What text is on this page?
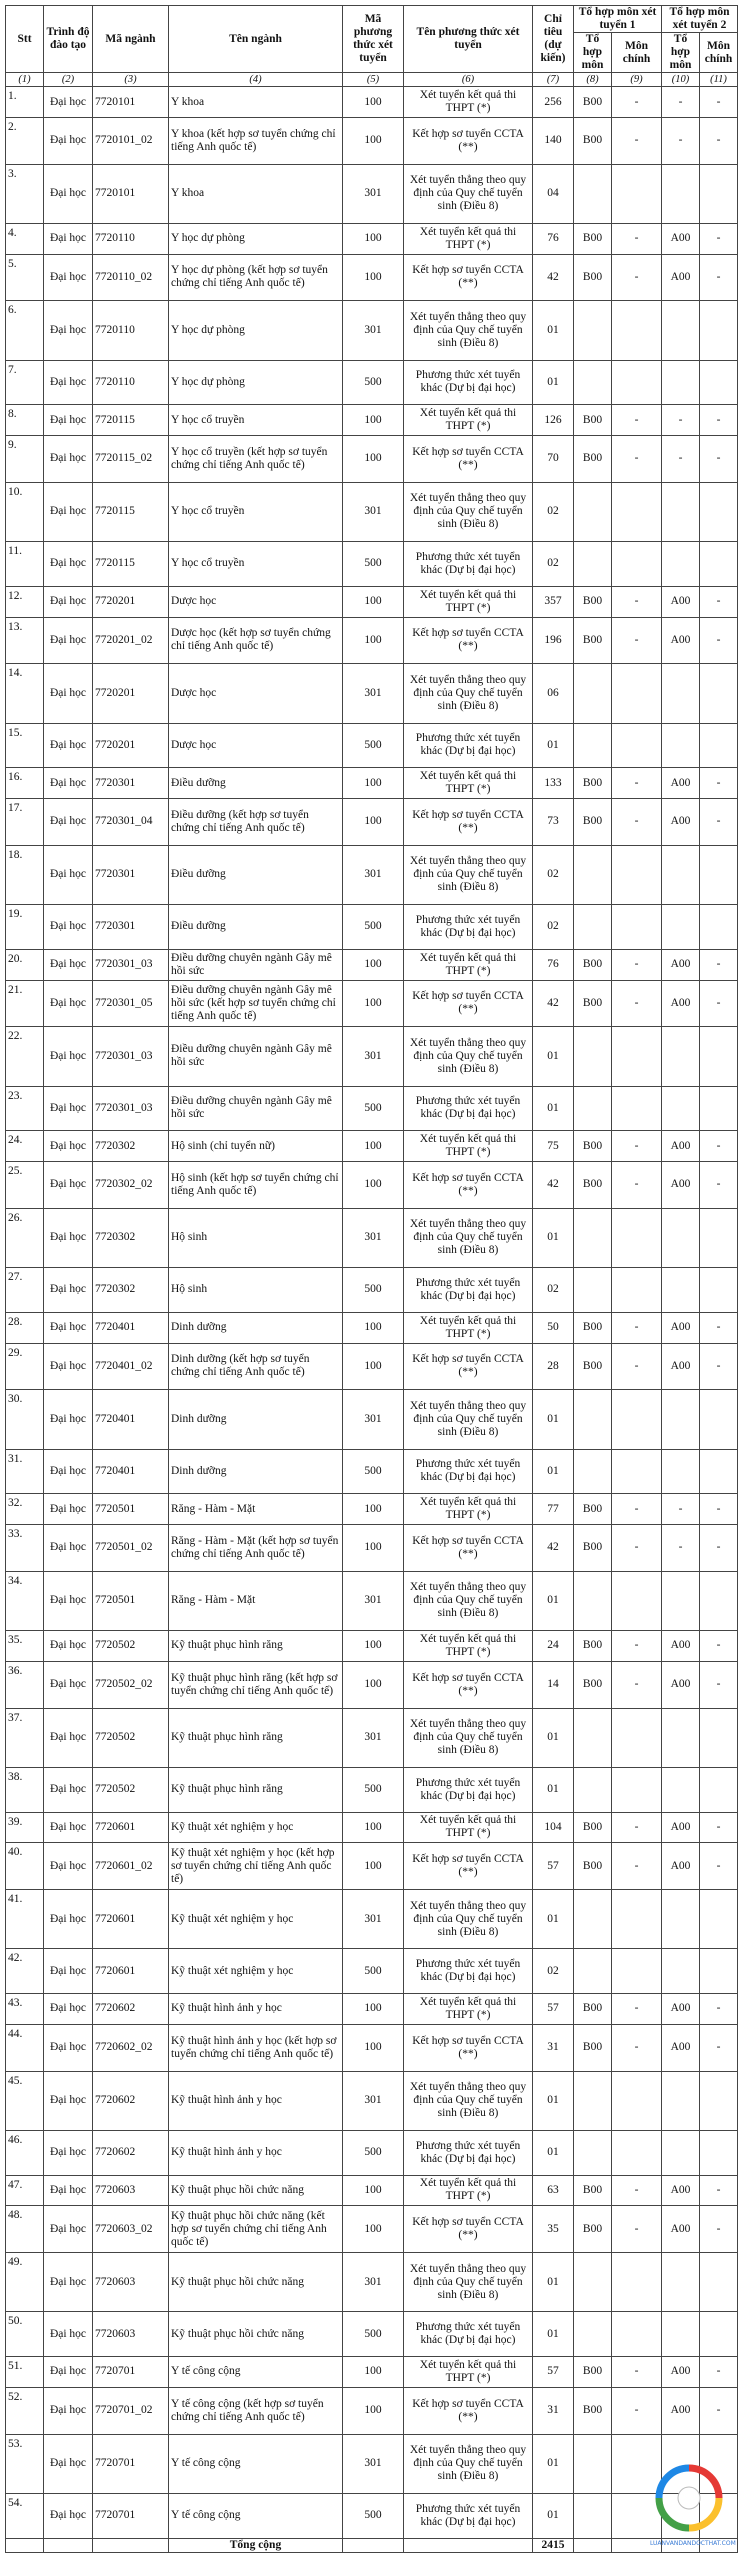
Stt	Trình độ đào tạo	Mã ngành	Tên ngành	Mã phương thức xét tuyển	Tên phương thức xét tuyển	Chỉ tiêu (dự kiến)	Tổ hợp môn xét tuyển 1		Tổ hợp môn xét tuyển 2	
							Tổ hợp môn	Môn chính	Tổ hợp môn	Môn chính
(1)	(2)	(3)	(4)	(5)	(6)	(7)	(8)	(9)	(10)	(11)
1.	Đại học	7720101	Y khoa	100	Xét tuyển kết quả thi THPT (*)	256	B00	-	-	-
2.	Đại học	7720101_02	Y khoa (kết hợp sơ tuyển chứng chỉ tiếng Anh quốc tế)	100	Kết hợp sơ tuyển CCTA (**)	140	B00	-	-	-
3.	Đại học	7720101	Y khoa	301	Xét tuyển thẳng theo quy định của Quy chế tuyển sinh (Điều 8)	04				
4.	Đại học	7720110	Y học dự phòng	100	Xét tuyển kết quả thi THPT (*)	76	B00	-	A00	-
5.	Đại học	7720110_02	Y học dự phòng (kết hợp sơ tuyển chứng chỉ tiếng Anh quốc tế)	100	Kết hợp sơ tuyển CCTA (**)	42	B00	-	A00	-
6.	Đại học	7720110	Y học dự phòng	301	Xét tuyển thẳng theo quy định của Quy chế tuyển sinh (Điều 8)	01				
7.	Đại học	7720110	Y học dự phòng	500	Phương thức xét tuyển khác (Dự bị đại học)	01				
8.	Đại học	7720115	Y học cổ truyền	100	Xét tuyển kết quả thi THPT (*)	126	B00	-	-	-
9.	Đại học	7720115_02	Y học cổ truyền (kết hợp sơ tuyển chứng chỉ tiếng Anh quốc tế)	100	Kết hợp sơ tuyển CCTA (**)	70	B00	-	-	-
10.	Đại học	7720115	Y học cổ truyền	301	Xét tuyển thẳng theo quy định của Quy chế tuyển sinh (Điều 8)	02				
11.	Đại học	7720115	Y học cổ truyền	500	Phương thức xét tuyển khác (Dự bị đại học)	02				
12.	Đại học	7720201	Dược học	100	Xét tuyển kết quả thi THPT (*)	357	B00	-	A00	-
13.	Đại học	7720201_02	Dược học (kết hợp sơ tuyển chứng chỉ tiếng Anh quốc tế)	100	Kết hợp sơ tuyển CCTA (**)	196	B00	-	A00	-
14.	Đại học	7720201	Dược học	301	Xét tuyển thẳng theo quy định của Quy chế tuyển sinh (Điều 8)	06				
15.	Đại học	7720201	Dược học	500	Phương thức xét tuyển khác (Dự bị đại học)	01				
16.	Đại học	7720301	Điều dưỡng	100	Xét tuyển kết quả thi THPT (*)	133	B00	-	A00	-
17.	Đại học	7720301_04	Điều dưỡng (kết hợp sơ tuyển chứng chỉ tiếng Anh quốc tế)	100	Kết hợp sơ tuyển CCTA (**)	73	B00	-	A00	-
18.	Đại học	7720301	Điều dưỡng	301	Xét tuyển thẳng theo quy định của Quy chế tuyển sinh (Điều 8)	02				
19.	Đại học	7720301	Điều dưỡng	500	Phương thức xét tuyển khác (Dự bị đại học)	02				
20.	Đại học	7720301_03	Điều dưỡng chuyên ngành Gây mê hồi sức	100	Xét tuyển kết quả thi THPT (*)	76	B00	-	A00	-
21.	Đại học	7720301_05	Điều dưỡng chuyên ngành Gây mê hồi sức (kết hợp sơ tuyển chứng chỉ tiếng Anh quốc tế)	100	Kết hợp sơ tuyển CCTA (**)	42	B00	-	A00	-
22.	Đại học	7720301_03	Điều dưỡng chuyên ngành Gây mê hồi sức	301	Xét tuyển thẳng theo quy định của Quy chế tuyển sinh (Điều 8)	01				
23.	Đại học	7720301_03	Điều dưỡng chuyên ngành Gây mê hồi sức	500	Phương thức xét tuyển khác (Dự bị đại học)	01				
24.	Đại học	7720302	Hộ sinh (chỉ tuyển nữ)	100	Xét tuyển kết quả thi THPT (*)	75	B00	-	A00	-
25.	Đại học	7720302_02	Hộ sinh (kết hợp sơ tuyển chứng chỉ tiếng Anh quốc tế)	100	Kết hợp sơ tuyển CCTA (**)	42	B00	-	A00	-
26.	Đại học	7720302	Hộ sinh	301	Xét tuyển thẳng theo quy định của Quy chế tuyển sinh (Điều 8)	01				
27.	Đại học	7720302	Hộ sinh	500	Phương thức xét tuyển khác (Dự bị đại học)	02				
28.	Đại học	7720401	Dinh dưỡng	100	Xét tuyển kết quả thi THPT (*)	50	B00	-	A00	-
29.	Đại học	7720401_02	Dinh dưỡng (kết hợp sơ tuyển chứng chỉ tiếng Anh quốc tế)	100	Kết hợp sơ tuyển CCTA (**)	28	B00	-	A00	-
30.	Đại học	7720401	Dinh dưỡng	301	Xét tuyển thẳng theo quy định của Quy chế tuyển sinh (Điều 8)	01				
31.	Đại học	7720401	Dinh dưỡng	500	Phương thức xét tuyển khác (Dự bị đại học)	01				
32.	Đại học	7720501	Răng - Hàm - Mặt	100	Xét tuyển kết quả thi THPT (*)	77	B00	-	-	-
33.	Đại học	7720501_02	Răng - Hàm - Mặt (kết hợp sơ tuyển chứng chỉ tiếng Anh quốc tế)	100	Kết hợp sơ tuyển CCTA (**)	42	B00	-	-	-
34.	Đại học	7720501	Răng - Hàm - Mặt	301	Xét tuyển thẳng theo quy định của Quy chế tuyển sinh (Điều 8)	01				
35.	Đại học	7720502	Kỹ thuật phục hình răng	100	Xét tuyển kết quả thi THPT (*)	24	B00	-	A00	-
36.	Đại học	7720502_02	Kỹ thuật phục hình răng (kết hợp sơ tuyển chứng chỉ tiếng Anh quốc tế)	100	Kết hợp sơ tuyển CCTA (**)	14	B00	-	A00	-
37.	Đại học	7720502	Kỹ thuật phục hình răng	301	Xét tuyển thẳng theo quy định của Quy chế tuyển sinh (Điều 8)	01				
38.	Đại học	7720502	Kỹ thuật phục hình răng	500	Phương thức xét tuyển khác (Dự bị đại học)	01				
39.	Đại học	7720601	Kỹ thuật xét nghiệm y học	100	Xét tuyển kết quả thi THPT (*)	104	B00	-	A00	-
40.	Đại học	7720601_02	Kỹ thuật xét nghiệm y học (kết hợp sơ tuyển chứng chỉ tiếng Anh quốc tế)	100	Kết hợp sơ tuyển CCTA (**)	57	B00	-	A00	-
41.	Đại học	7720601	Kỹ thuật xét nghiệm y học	301	Xét tuyển thẳng theo quy định của Quy chế tuyển sinh (Điều 8)	01				
42.	Đại học	7720601	Kỹ thuật xét nghiệm y học	500	Phương thức xét tuyển khác (Dự bị đại học)	02				
43.	Đại học	7720602	Kỹ thuật hình ảnh y học	100	Xét tuyển kết quả thi THPT (*)	57	B00	-	A00	-
44.	Đại học	7720602_02	Kỹ thuật hình ảnh y học (kết hợp sơ tuyển chứng chỉ tiếng Anh quốc tế)	100	Kết hợp sơ tuyển CCTA (**)	31	B00	-	A00	-
45.	Đại học	7720602	Kỹ thuật hình ảnh y học	301	Xét tuyển thẳng theo quy định của Quy chế tuyển sinh (Điều 8)	01				
46.	Đại học	7720602	Kỹ thuật hình ảnh y học	500	Phương thức xét tuyển khác (Dự bị đại học)	01				
47.	Đại học	7720603	Kỹ thuật phục hồi chức năng	100	Xét tuyển kết quả thi THPT (*)	63	B00	-	A00	-
48.	Đại học	7720603_02	Kỹ thuật phục hồi chức năng (kết hợp sơ tuyển chứng chỉ tiếng Anh quốc tế)	100	Kết hợp sơ tuyển CCTA (**)	35	B00	-	A00	-
49.	Đại học	7720603	Kỹ thuật phục hồi chức năng	301	Xét tuyển thẳng theo quy định của Quy chế tuyển sinh (Điều 8)	01				
50.	Đại học	7720603	Kỹ thuật phục hồi chức năng	500	Phương thức xét tuyển khác (Dự bị đại học)	01				
51.	Đại học	7720701	Y tế công cộng	100	Xét tuyển kết quả thi THPT (*)	57	B00	-	A00	-
52.	Đại học	7720701_02	Y tế công cộng (kết hợp sơ tuyển chứng chỉ tiếng Anh quốc tế)	100	Kết hợp sơ tuyển CCTA (**)	31	B00	-	A00	-
53.	Đại học	7720701	Y tế công cộng	301	Xét tuyển thẳng theo quy định của Quy chế tuyển sinh (Điều 8)	01				
54.	Đại học	7720701	Y tế công cộng	500	Phương thức xét tuyển khác (Dự bị đại học)	01				
			Tổng cộng			2415					LUANVANDANDOCTHAT.COM
